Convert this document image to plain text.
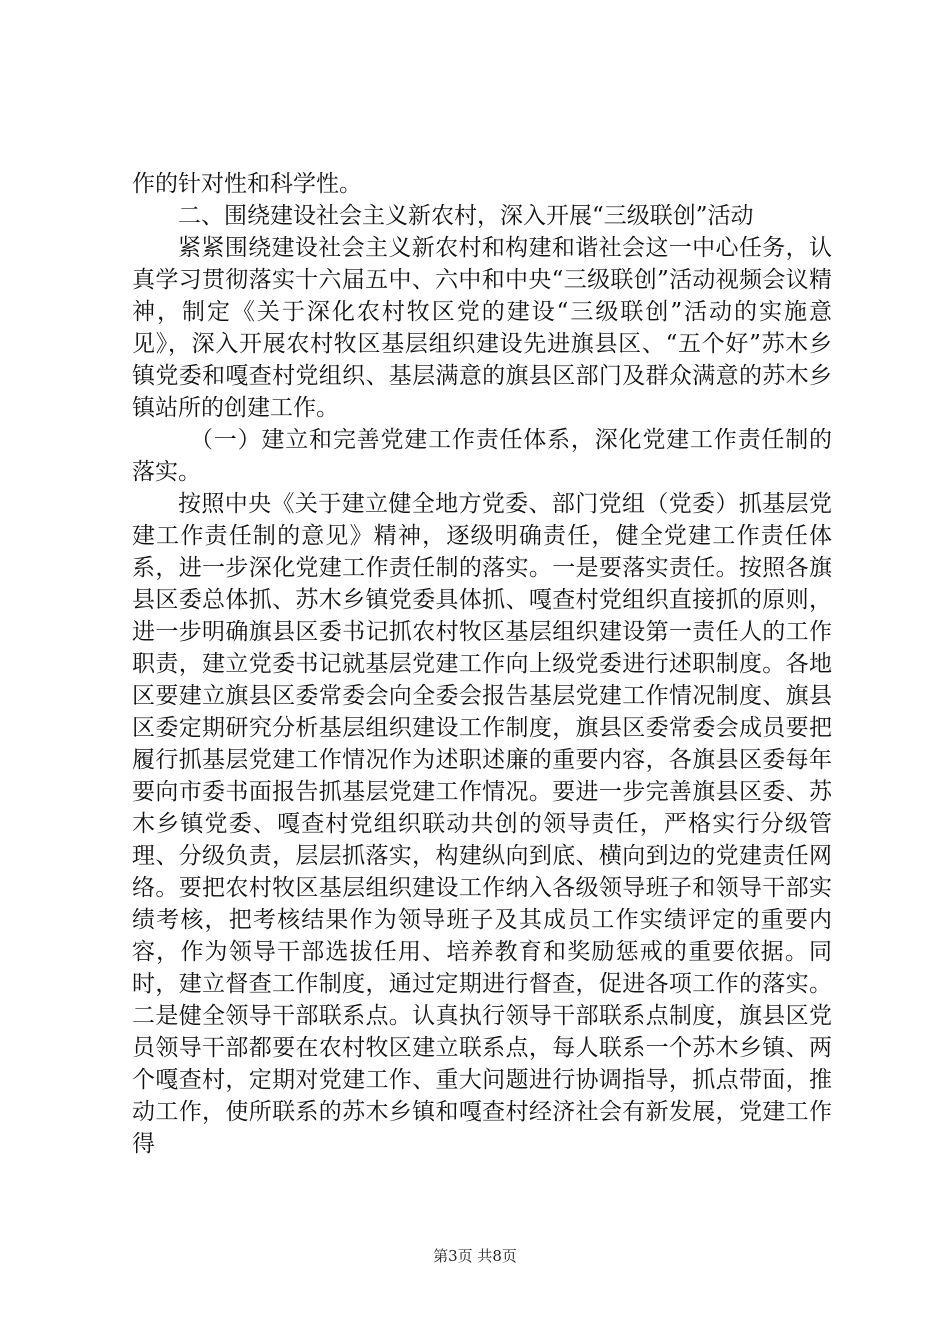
作的针对性和科学性。

二、围绕建设社会主义新农村，深入开展“三级联创”活动

紧紧围绕建设社会主义新农村和构建和谐社会这一中心任务，认真学习贯彻落实十六届五中、六中和中央“三级联创”活动视频会议精神，制定《关于深化农村牧区党的建设“三级联创”活动的实施意见》，深入开展农村牧区基层组织建设先进旗县区、“五个好”苏木乡镇党委和嘎查村党组织、基层满意的旗县区部门及群众满意的苏木乡镇站所的创建工作。

（一）建立和完善党建工作责任体系，深化党建工作责任制的落实。

按照中央《关于建立健全地方党委、部门党组（党委）抓基层党建工作责任制的意见》精神，逐级明确责任，健全党建工作责任体系，进一步深化党建工作责任制的落实。一是要落实责任。按照各旗县区委总体抓、苏木乡镇党委具体抓、嘎查村党组织直接抓的原则，进一步明确旗县区委书记抓农村牧区基层组织建设第一责任人的工作职责，建立党委书记就基层党建工作向上级党委进行述职制度。各地区要建立旗县区委常委会向全委会报告基层党建工作情况制度、旗县区委定期研究分析基层组织建设工作制度，旗县区委常委会成员要把履行抓基层党建工作情况作为述职述廉的重要内容，各旗县区委每年要向市委书面报告抓基层党建工作情况。要进一步完善旗县区委、苏木乡镇党委、嘎查村党组织联动共创的领导责任，严格实行分级管理、分级负责，层层抓落实，构建纵向到底、横向到边的党建责任网络。要把农村牧区基层组织建设工作纳入各级领导班子和领导干部实绩考核，把考核结果作为领导班子及其成员工作实绩评定的重要内容，作为领导干部选拔任用、培养教育和奖励惩戒的重要依据。同时，建立督查工作制度，通过定期进行督查，促进各项工作的落实。二是健全领导干部联系点。认真执行领导干部联系点制度，旗县区党员领导干部都要在农村牧区建立联系点，每人联系一个苏木乡镇、两个嘎查村，定期对党建工作、重大问题进行协调指导，抓点带面，推动工作，使所联系的苏木乡镇和嘎查村经济社会有新发展，党建工作得

第3页 共8页
